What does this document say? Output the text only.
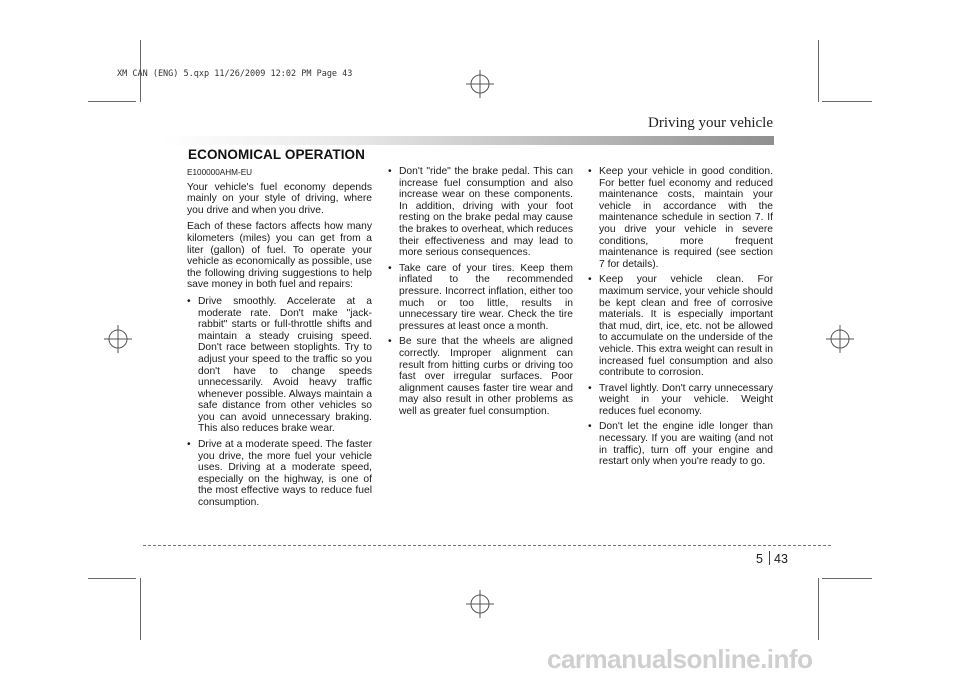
XM CAN (ENG) 5.qxp 11/26/2009 12:02 PM Page 43
Driving your vehicle
ECONOMICAL OPERATION

E100000AHM-EU

Your vehicle's fuel economy depends mainly on your style of driving, where you drive and when you drive.

Each of these factors affects how many kilometers (miles) you can get from a liter (gallon) of fuel. To operate your vehicle as economically as possible, use the following driving suggestions to help save money in both fuel and repairs:

• Drive smoothly. Accelerate at a moderate rate. Don't make "jack-rabbit" starts or full-throttle shifts and maintain a steady cruising speed. Don't race between stoplights. Try to adjust your speed to the traffic so you don't have to change speeds unnecessarily. Avoid heavy traffic whenever possible. Always maintain a safe distance from other vehicles so you can avoid unnecessary braking. This also reduces brake wear.
• Drive at a moderate speed. The faster you drive, the more fuel your vehicle uses. Driving at a moderate speed, especially on the highway, is one of the most effective ways to reduce fuel consumption.
• Don't "ride" the brake pedal. This can increase fuel consumption and also increase wear on these components. In addition, driving with your foot resting on the brake pedal may cause the brakes to overheat, which reduces their effectiveness and may lead to more serious consequences.
• Take care of your tires. Keep them inflated to the recommended pressure. Incorrect inflation, either too much or too little, results in unnecessary tire wear. Check the tire pressures at least once a month.
• Be sure that the wheels are aligned correctly. Improper alignment can result from hitting curbs or driving too fast over irregular surfaces. Poor alignment causes faster tire wear and may also result in other problems as well as greater fuel consumption.
• Keep your vehicle in good condition. For better fuel economy and reduced maintenance costs, maintain your vehicle in accordance with the maintenance schedule in section 7. If you drive your vehicle in severe conditions, more frequent maintenance is required (see section 7 for details).
• Keep your vehicle clean. For maximum service, your vehicle should be kept clean and free of corrosive materials. It is especially important that mud, dirt, ice, etc. not be allowed to accumulate on the underside of the vehicle. This extra weight can result in increased fuel consumption and also contribute to corrosion.
• Travel lightly. Don't carry unnecessary weight in your vehicle. Weight reduces fuel economy.
• Don't let the engine idle longer than necessary. If you are waiting (and not in traffic), turn off your engine and restart only when you're ready to go.
5 43
carmanualsonline.info
